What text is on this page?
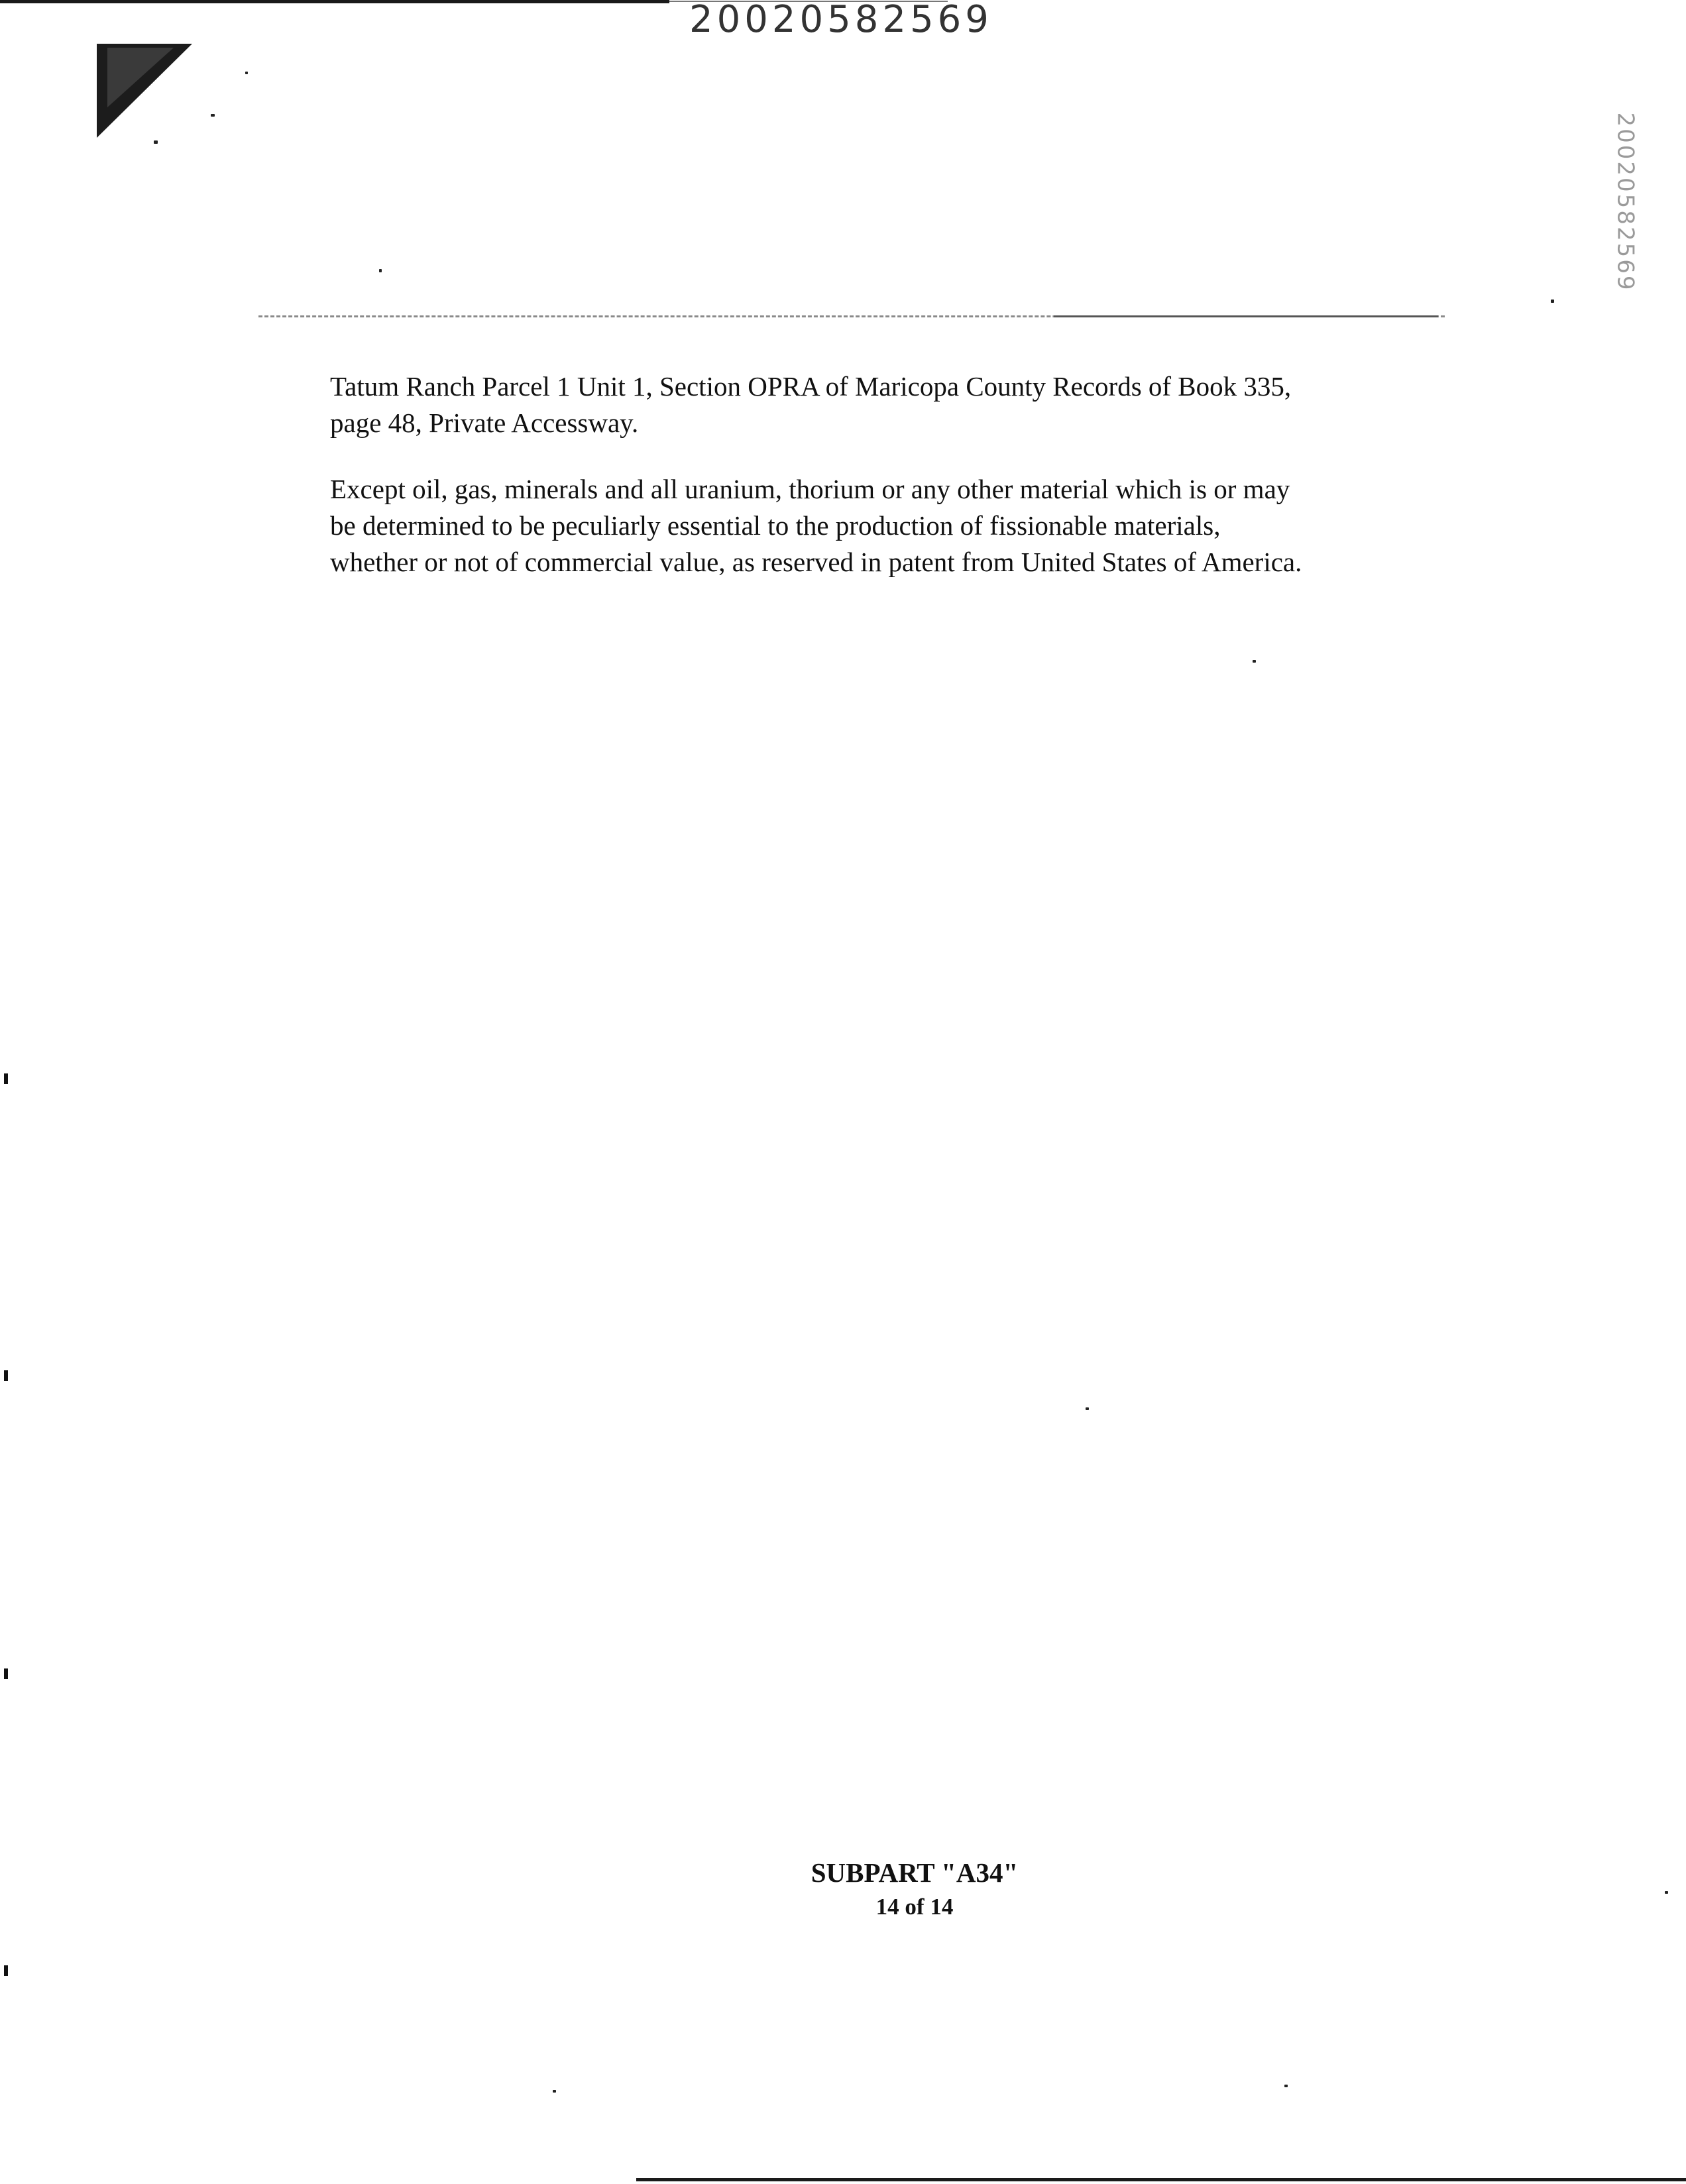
20020582569
20020582569

Tatum Ranch Parcel 1 Unit 1, Section OPRA of Maricopa County Records of Book 335,
page 48, Private Accessway.

Except oil, gas, minerals and all uranium, thorium or any other material which is or may
be determined to be peculiarly essential to the production of fissionable materials,
whether or not of commercial value, as reserved in patent from United States of America.

SUBPART "A34"
14 of 14
